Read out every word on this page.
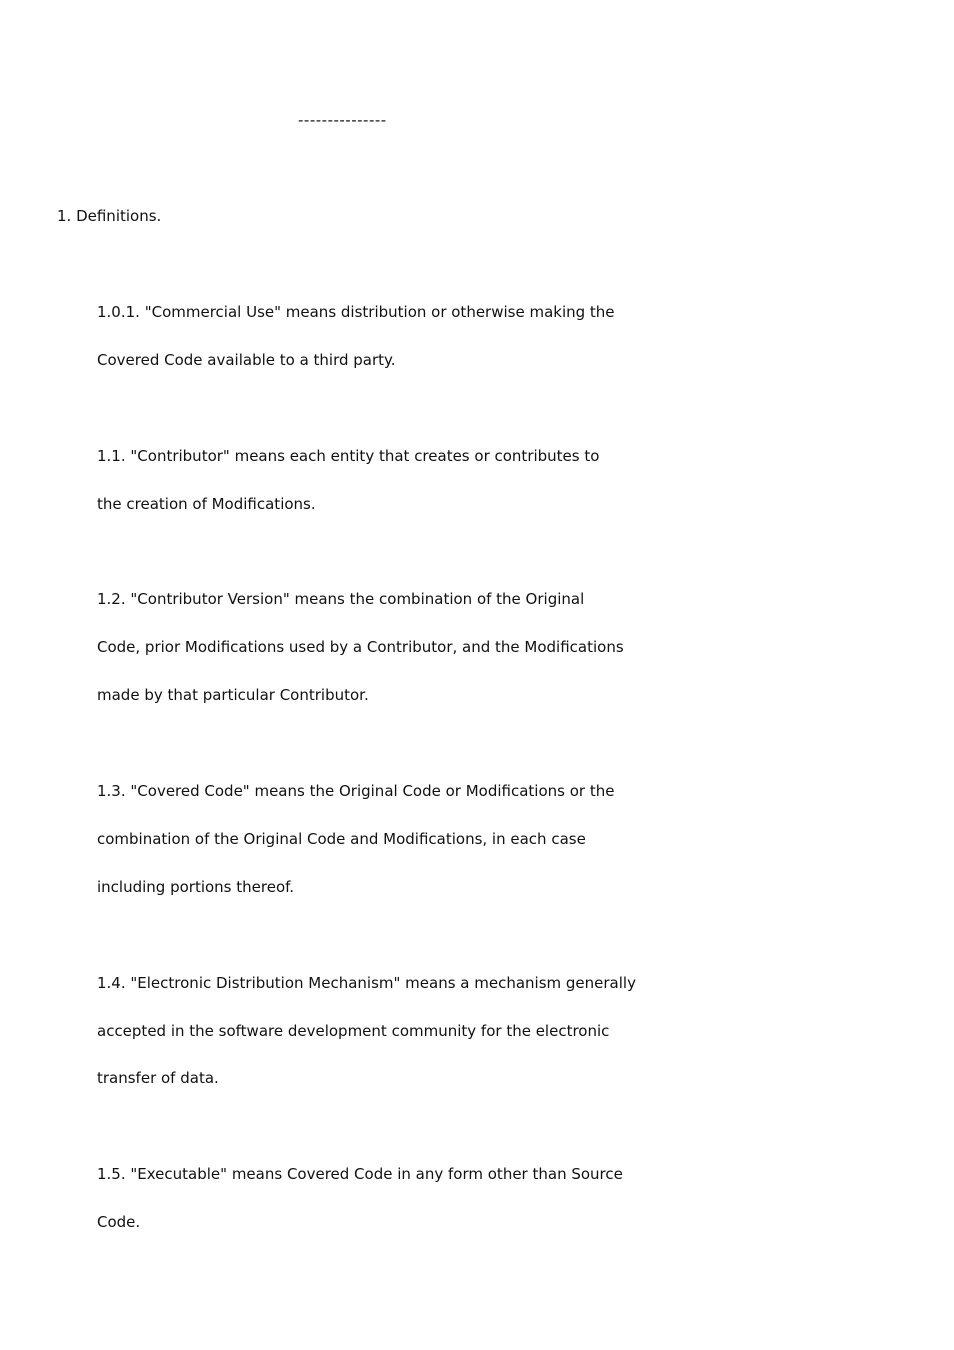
---------------
1. Definitions.
1.0.1. "Commercial Use" means distribution or otherwise making the
Covered Code available to a third party.
1.1. "Contributor" means each entity that creates or contributes to
the creation of Modifications.
1.2. "Contributor Version" means the combination of the Original
Code, prior Modifications used by a Contributor, and the Modifications
made by that particular Contributor.
1.3. "Covered Code" means the Original Code or Modifications or the
combination of the Original Code and Modifications, in each case
including portions thereof.
1.4. "Electronic Distribution Mechanism" means a mechanism generally
accepted in the software development community for the electronic
transfer of data.
1.5. "Executable" means Covered Code in any form other than Source
Code.
